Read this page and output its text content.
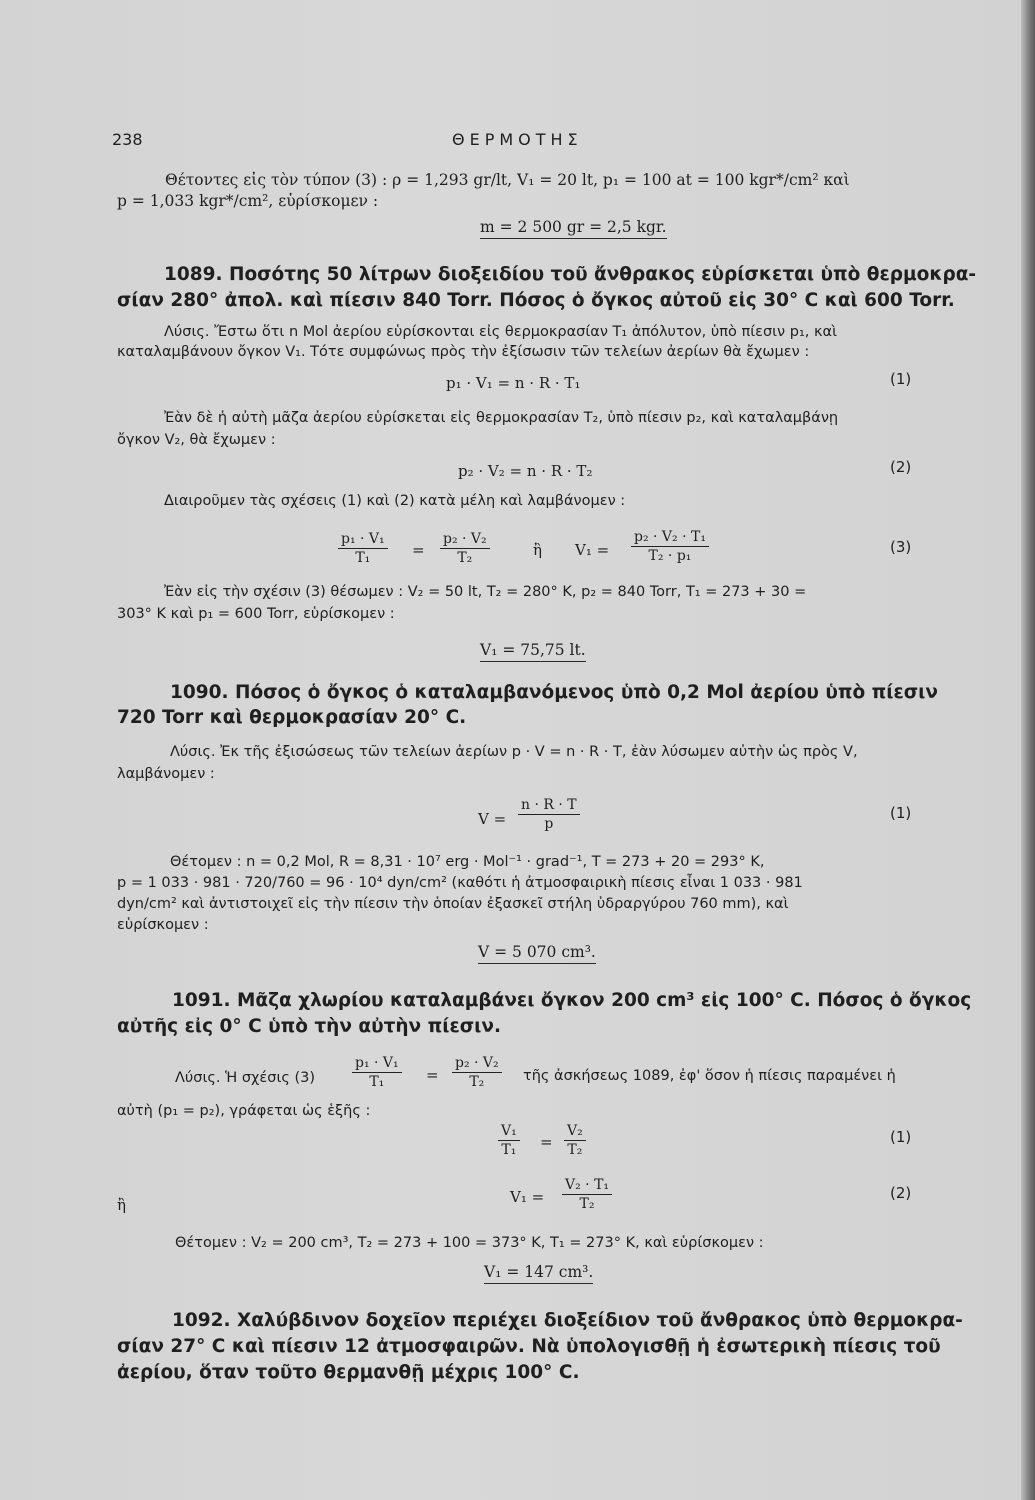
238	ΘΕΡΜΟΤΗΣ
Θέτοντες εἰς τὸν τύπον (3) : ρ = 1,293 gr/lt, V₁ = 20 lt, p₁ = 100 at = 100 kgr*/cm² καὶ
p = 1,033 kgr*/cm², εὑρίσκομεν :
m = 2 500 gr = 2,5 kgr.
1089. Ποσότης 50 λίτρων διοξειδίου τοῦ ἄνθρακος εὑρίσκεται ὑπὸ θερμοκρα-
σίαν 280° ἀπολ. καὶ πίεσιν 840 Torr. Πόσος ὁ ὄγκος αὐτοῦ εἰς 30° C καὶ 600 Torr.
Λύσις. Ἔστω ὅτι n Mol ἀερίου εὑρίσκονται εἰς θερμοκρασίαν T₁ ἀπόλυτον, ὑπὸ πίεσιν p₁, καὶ
καταλαμβάνουν ὄγκον V₁. Τότε συμφώνως πρὸς τὴν ἐξίσωσιν τῶν τελείων ἀερίων θὰ ἔχωμεν :
p₁ · V₁ = n · R · T₁	(1)
Ἐὰν δὲ ἡ αὐτὴ μᾶζα ἀερίου εὑρίσκεται εἰς θερμοκρασίαν T₂, ὑπὸ πίεσιν p₂, καὶ καταλαμβάνῃ
ὄγκον V₂, θὰ ἔχωμεν :
p₂ · V₂ = n · R · T₂	(2)
Διαιροῦμεν τὰς σχέσεις (1) καὶ (2) κατὰ μέλη καὶ λαμβάνομεν :
$\frac{\text{p₁ · V₁}}{\text{T₁}} = \frac{\text{p₂ · V₂}}{\text{T₂}}$	ἢ $V_1 = \frac{\text{p₂ · V₂ · T₁}}{\text{T₂ · p₁}}$	(3)
Ἐὰν εἰς τὴν σχέσιν (3) θέσωμεν : V₂ = 50 lt, T₂ = 280° K, p₂ = 840 Torr, T₁ = 273 + 30 =
303° K καὶ p₁ = 600 Torr, εὑρίσκομεν :
V₁ = 75,75 lt.
1090. Πόσος ὁ ὄγκος ὁ καταλαμβανόμενος ὑπὸ 0,2 Mol ἀερίου ὑπὸ πίεσιν
720 Torr καὶ θερμοκρασίαν 20° C.
Λύσις. Ἐκ τῆς ἐξισώσεως τῶν τελείων ἀερίων p · V = n · R · T, ἐὰν λύσωμεν αὐτὴν ὡς πρὸς V,
λαμβάνομεν :
$V = \frac{n \cdot R \cdot T}{p}$	(1)
Θέτομεν : n = 0,2 Mol, R = 8,31 · 10⁷ erg · Mol⁻¹ · grad⁻¹, T = 273 + 20 = 293° K,
p = 1 033 · 981 · 720/760 = 96 · 10⁴ dyn/cm² (καθότι ἡ ἀτμοσφαιρικὴ πίεσις εἶναι 1 033 · 981
dyn/cm² καὶ ἀντιστοιχεῖ εἰς τὴν πίεσιν τὴν ὁποίαν ἐξασκεῖ στήλη ὑδραργύρου 760 mm), καὶ
εὑρίσκομεν :
V = 5 070 cm³.
1091. Μᾶζα χλωρίου καταλαμβάνει ὄγκον 200 cm³ εἰς 100° C. Πόσος ὁ ὄγκος
αὐτῆς εἰς 0° C ὑπὸ τὴν αὐτὴν πίεσιν.
Λύσις. Ἡ σχέσις (3)	$\frac{\text{p₁ · V₁}}{\text{T₁}} = \frac{\text{p₂ · V₂}}{\text{T₂}}$ τῆς ἀσκήσεως 1089, ἐφ' ὅσον ἡ πίεσις παραμένει ἡ
αὐτὴ (p₁ = p₂), γράφεται ὡς ἑξῆς :
$\frac{\text{V₁}}{\text{T₁}} = \frac{\text{V₂}}{\text{T₂}}$	(1)
ἢ	$V_1 = \frac{\text{V₂ · T₁}}{\text{T₂}}$	(2)
Θέτομεν : V₂ = 200 cm³, T₂ = 273 + 100 = 373° K, T₁ = 273° K, καὶ εὑρίσκομεν :
V₁ = 147 cm³.
1092. Χαλύβδινον δοχεῖον περιέχει διοξείδιον τοῦ ἄνθρακος ὑπὸ θερμοκρα-
σίαν 27° C καὶ πίεσιν 12 ἀτμοσφαιρῶν. Νὰ ὑπολογισθῇ ἡ ἐσωτερικὴ πίεσις τοῦ
ἀερίου, ὅταν τοῦτο θερμανθῇ μέχρις 100° C.
